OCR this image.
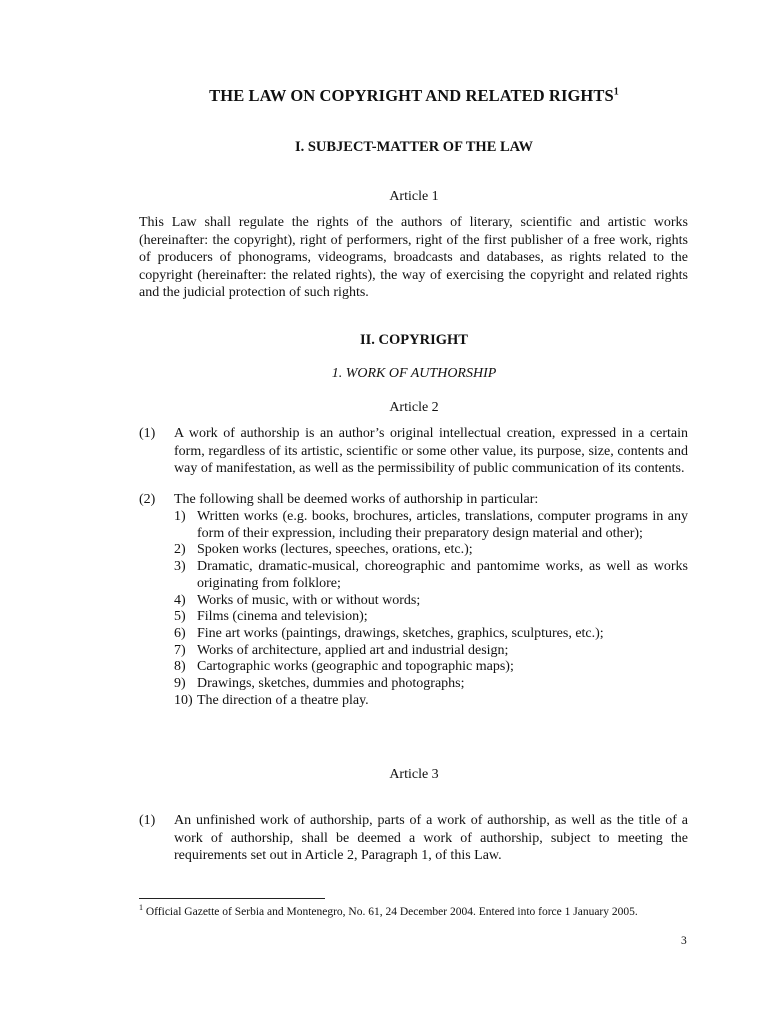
THE LAW ON COPYRIGHT AND RELATED RIGHTS$^1$
I. SUBJECT-MATTER OF THE LAW
Article 1

This Law shall regulate the rights of the authors of literary, scientific and artistic works (hereinafter: the copyright), right of performers, right of the first publisher of a free work, rights of producers of phonograms, videograms, broadcasts and databases, as rights related to the copyright (hereinafter: the related rights), the way of exercising the copyright and related rights and the judicial protection of such rights.

II. COPYRIGHT
1. WORK OF AUTHORSHIP
Article 2
(1) A work of authorship is an author’s original intellectual creation, expressed in a certain form, regardless of its artistic, scientific or some other value, its purpose, size, contents and way of manifestation, as well as the permissibility of public communication of its contents.

(2) The following shall be deemed works of authorship in particular:

1) Written works (e.g. books, brochures, articles, translations, computer programs in any form of their expression, including their preparatory design material and other);
2) Spoken works (lectures, speeches, orations, etc.);
3) Dramatic, dramatic-musical, choreographic and pantomime works, as well as works originating from folklore;
4) Works of music, with or without words;
5) Films (cinema and television);
6) Fine art works (paintings, drawings, sketches, graphics, sculptures, etc.);
7) Works of architecture, applied art and industrial design;
8) Cartographic works (geographic and topographic maps);
9) Drawings, sketches, dummies and photographs;
10) The direction of a theatre play.
Article 3
(1) An unfinished work of authorship, parts of a work of authorship, as well as the title of a work of authorship, shall be deemed a work of authorship, subject to meeting the requirements set out in Article 2, Paragraph 1, of this Law.

$^1$ Official Gazette of Serbia and Montenegro, No. 61, 24 December 2004. Entered into force 1 January 2005.

3
